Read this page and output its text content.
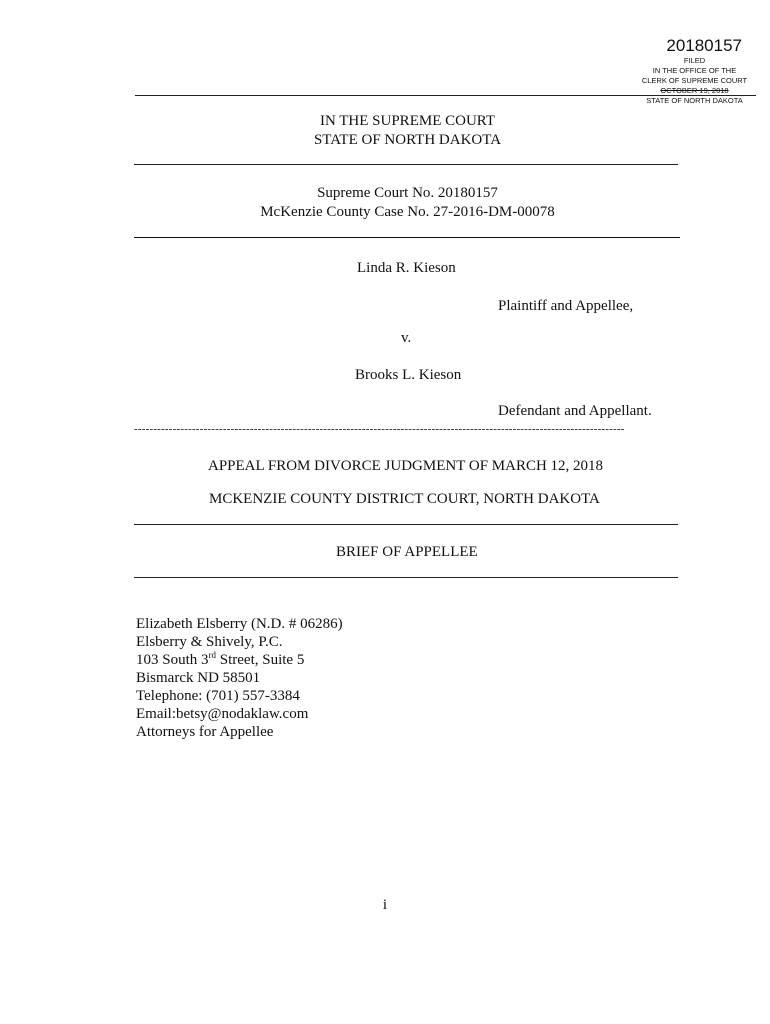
20180157
FILED
IN THE OFFICE OF THE
CLERK OF SUPREME COURT
OCTOBER 19, 2018
STATE OF NORTH DAKOTA
IN THE SUPREME COURT
STATE OF NORTH DAKOTA
Supreme Court No. 20180157
McKenzie County Case No. 27-2016-DM-00078
Linda R. Kieson
Plaintiff and Appellee,
v.
Brooks L. Kieson
Defendant and Appellant.
-------------------------------------------------------------------------------------------------------------------------------
APPEAL FROM DIVORCE JUDGMENT OF MARCH 12, 2018
MCKENZIE COUNTY DISTRICT COURT, NORTH DAKOTA
BRIEF OF APPELLEE
Elizabeth Elsberry (N.D. # 06286)
Elsberry & Shively, P.C.
103 South 3rd Street, Suite 5
Bismarck ND 58501
Telephone: (701) 557-3384
Email:betsy@nodaklaw.com
Attorneys for Appellee
i
